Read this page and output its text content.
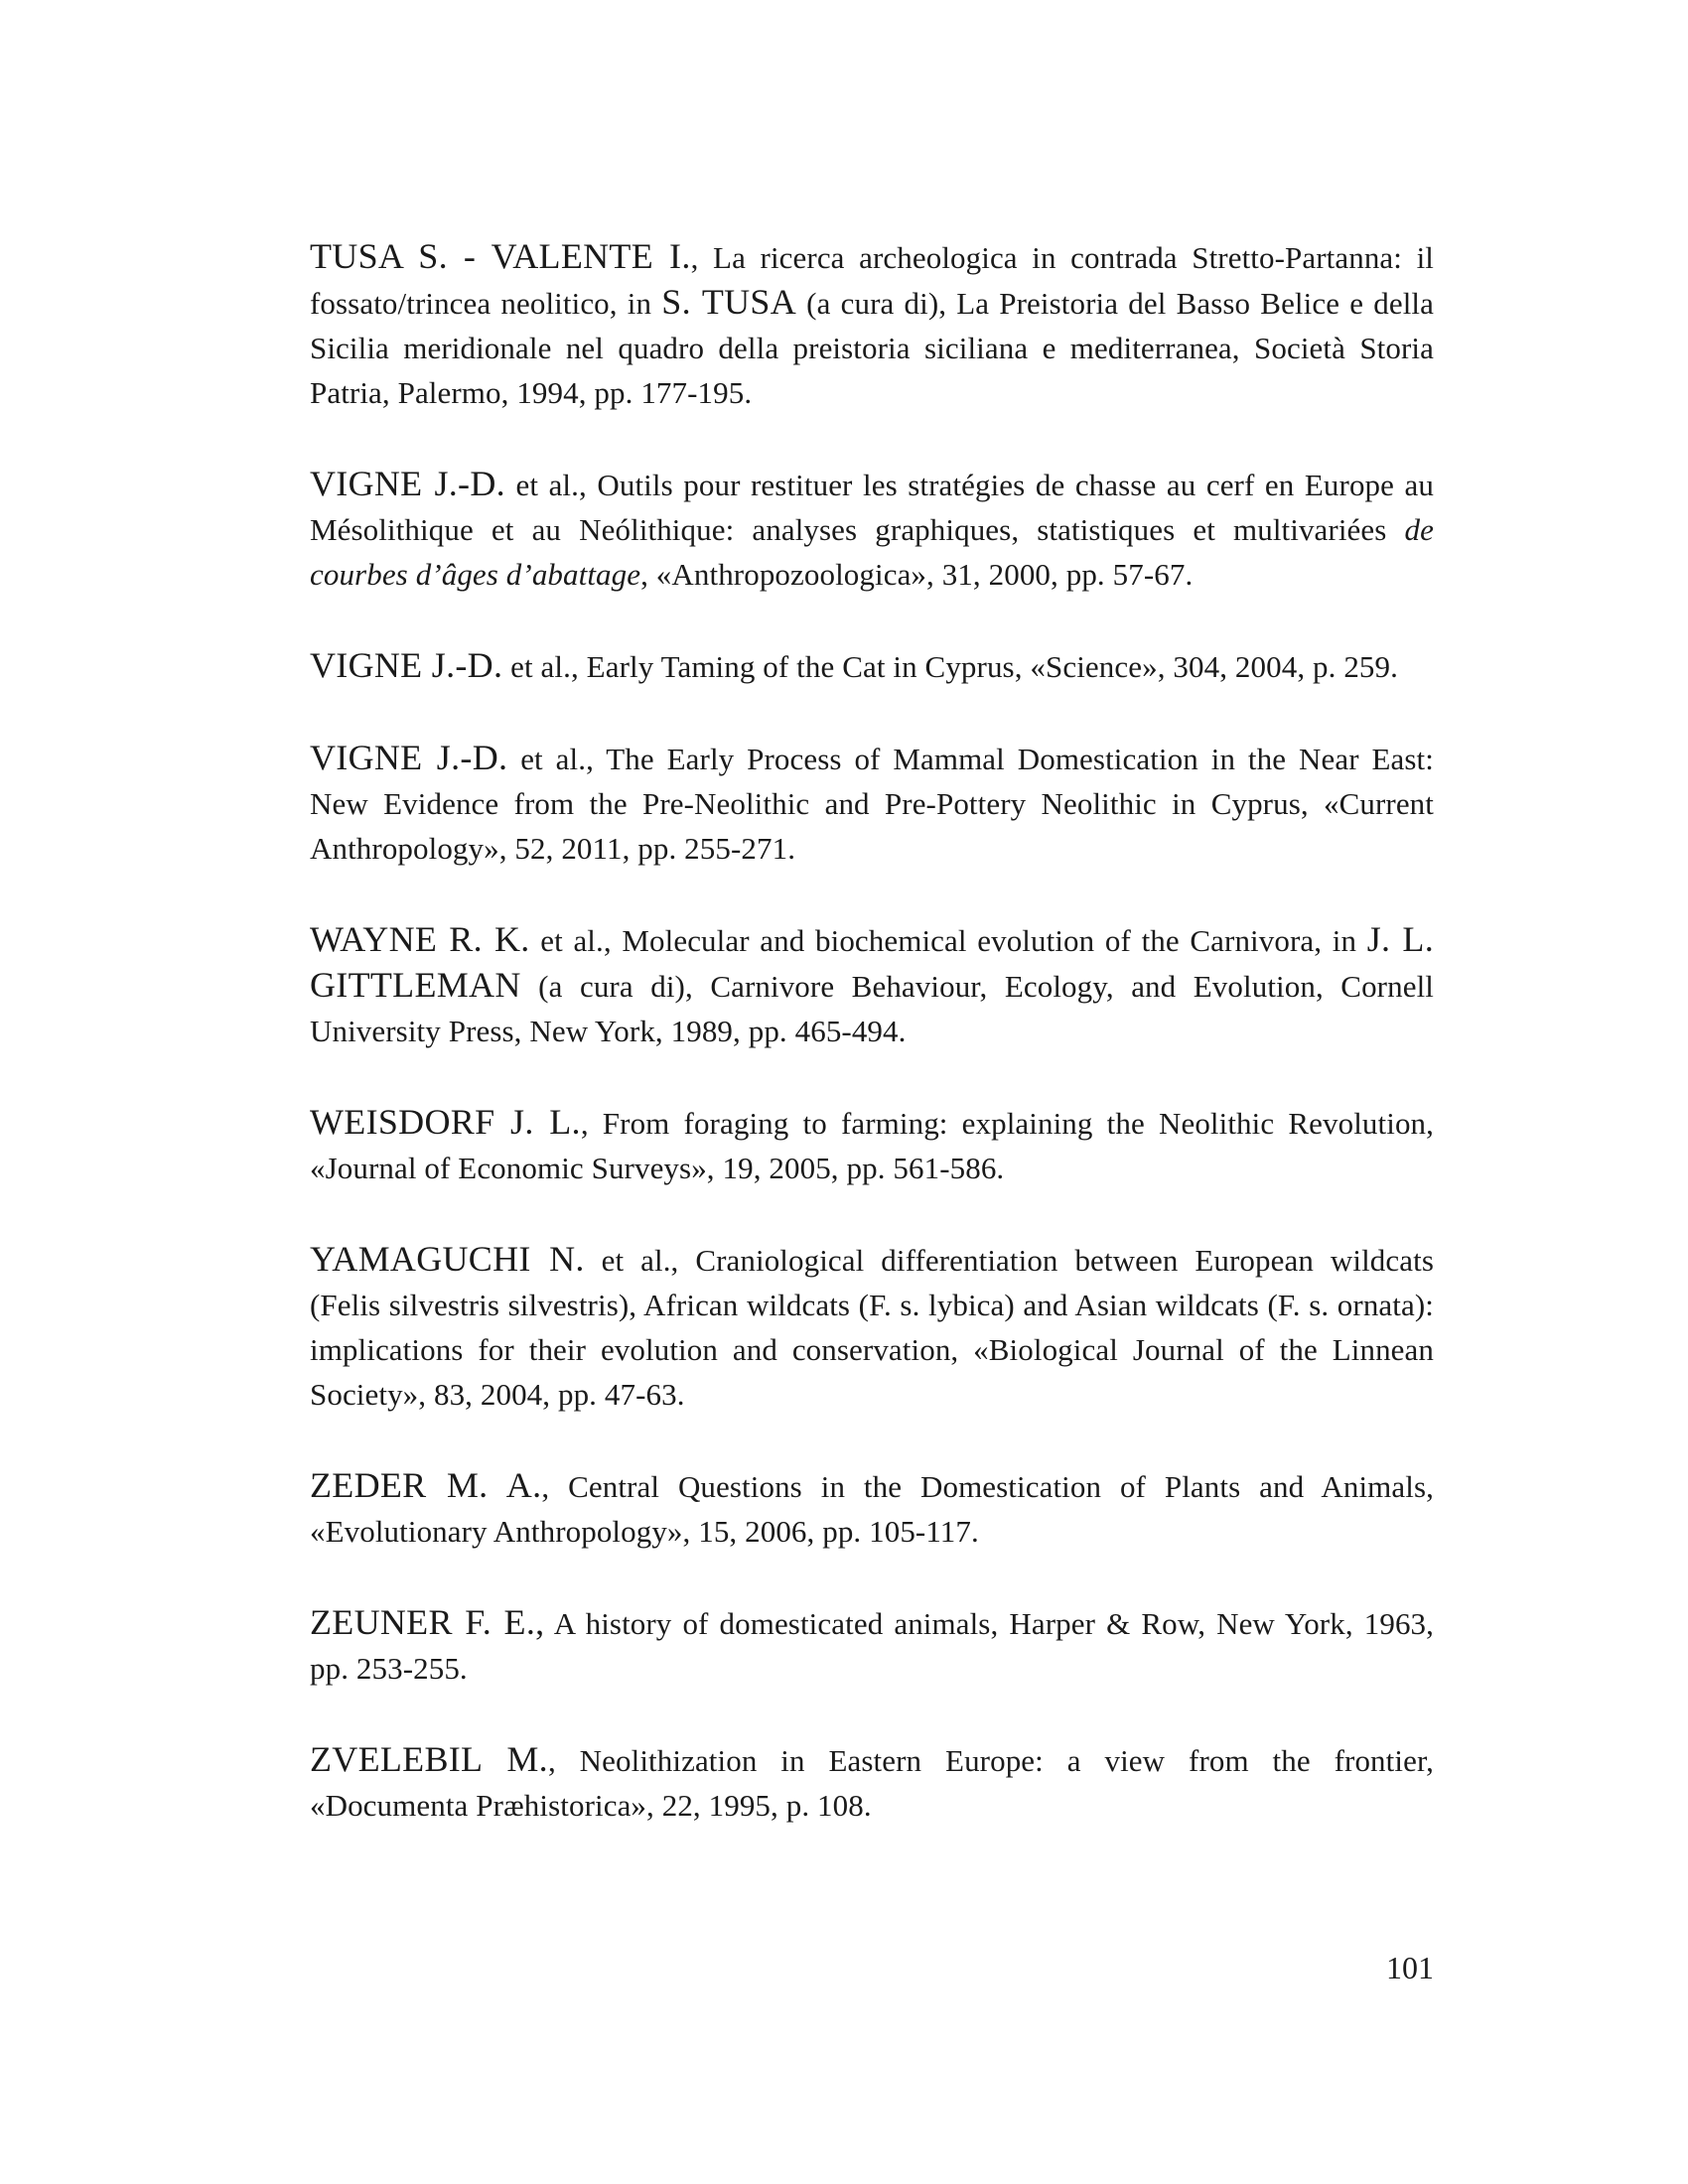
TUSA S. - VALENTE I., La ricerca archeologica in contrada Stretto-Partanna: il fossato/trincea neolitico, in S. TUSA (a cura di), La Preistoria del Basso Belice e della Sicilia meridionale nel quadro della preistoria siciliana e mediterranea, Società Storia Patria, Palermo, 1994, pp. 177-195.

VIGNE J.-D. et al., Outils pour restituer les stratégies de chasse au cerf en Europe au Mésolithique et au Neólithique: analyses graphiques, statistiques et multivariées de courbes d’âges d’abattage, «Anthropozoologica», 31, 2000, pp. 57-67.

VIGNE J.-D. et al., Early Taming of the Cat in Cyprus, «Science», 304, 2004, p. 259.

VIGNE J.-D. et al., The Early Process of Mammal Domestication in the Near East: New Evidence from the Pre-Neolithic and Pre-Pottery Neolithic in Cyprus, «Current Anthropology», 52, 2011, pp. 255-271.

WAYNE R. K. et al., Molecular and biochemical evolution of the Carnivora, in J. L. GITTLEMAN (a cura di), Carnivore Behaviour, Ecology, and Evolution, Cornell University Press, New York, 1989, pp. 465-494.

WEISDORF J. L., From foraging to farming: explaining the Neolithic Revolution, «Journal of Economic Surveys», 19, 2005, pp. 561-586.

YAMAGUCHI N. et al., Craniological differentiation between European wildcats (Felis silvestris silvestris), African wildcats (F. s. lybica) and Asian wildcats (F. s. ornata): implications for their evolution and conservation, «Biological Journal of the Linnean Society», 83, 2004, pp. 47-63.

ZEDER M. A., Central Questions in the Domestication of Plants and Animals, «Evolutionary Anthropology», 15, 2006, pp. 105-117.

ZEUNER F. E., A history of domesticated animals, Harper & Row, New York, 1963, pp. 253-255.

ZVELEBIL M., Neolithization in Eastern Europe: a view from the frontier, «Documenta Præhistorica», 22, 1995, p. 108.

101
